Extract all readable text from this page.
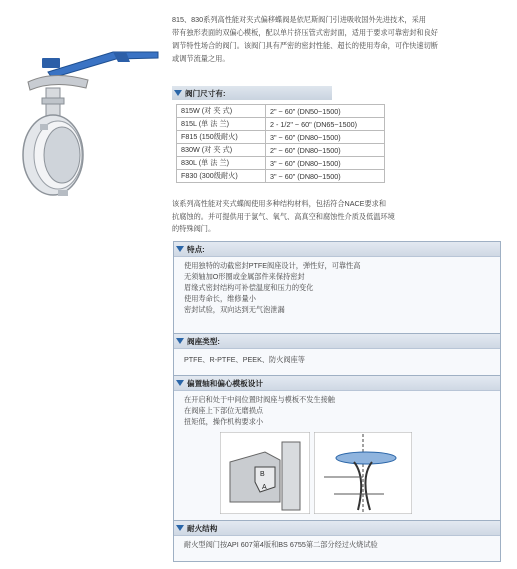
815、830系列高性能对夹式偏移蝶阀是依尼斯阀门引进吸收国外先进技术，采用
带有独形表面的双偏心模板，配以单片挤压管式密封面，适用于要求可靠密封和良好
调节特性场合的阀门。该阀门具有严密的密封性能、超长的使用寿命，可作快速切断
或调节流量之用。
阀门尺寸有:
815W (对 夹 式)	2" ~ 60" (DN50~1500)
815L (单 法 兰)	2 - 1/2" ~ 60" (DN65~1500)
F815 (150级耐火)	3" ~ 60" (DN80~1500)
830W (对 夹 式)	2" ~ 60" (DN80~1500)
830L (单 法 兰)	3" ~ 60" (DN80~1500)
F830 (300级耐火)	3" ~ 60" (DN80~1500)
该系列高性能对夹式蝶阀使用多种结构材料，包括符合NACE要求和
抗腐蚀的。并可提供用于氯气、氧气、高真空和腐蚀性介质及低温环境
的特殊阀门。
特点:
使用独特的动截密封PTFE阀座设计，弹性好，可靠性高
无须轴加O形圈或金属部件来保持密封
眉缘式密封结构可补偿温度和压力的变化
使用寿命长，维修量小
密封试验，双向达到无气泡泄漏
阀座类型:
PTFE、R-PTFE、PEEK、防火阀座等
偏置轴和偏心模板设计
在开启和处于中间位置时阀座与模板不发生接触
在阀座上下部位无磨损点
扭矩低，操作机构要求小
B
A
耐火结构
耐火型阀门按API 607第4版和BS 6755第二部分经过火烧试验
